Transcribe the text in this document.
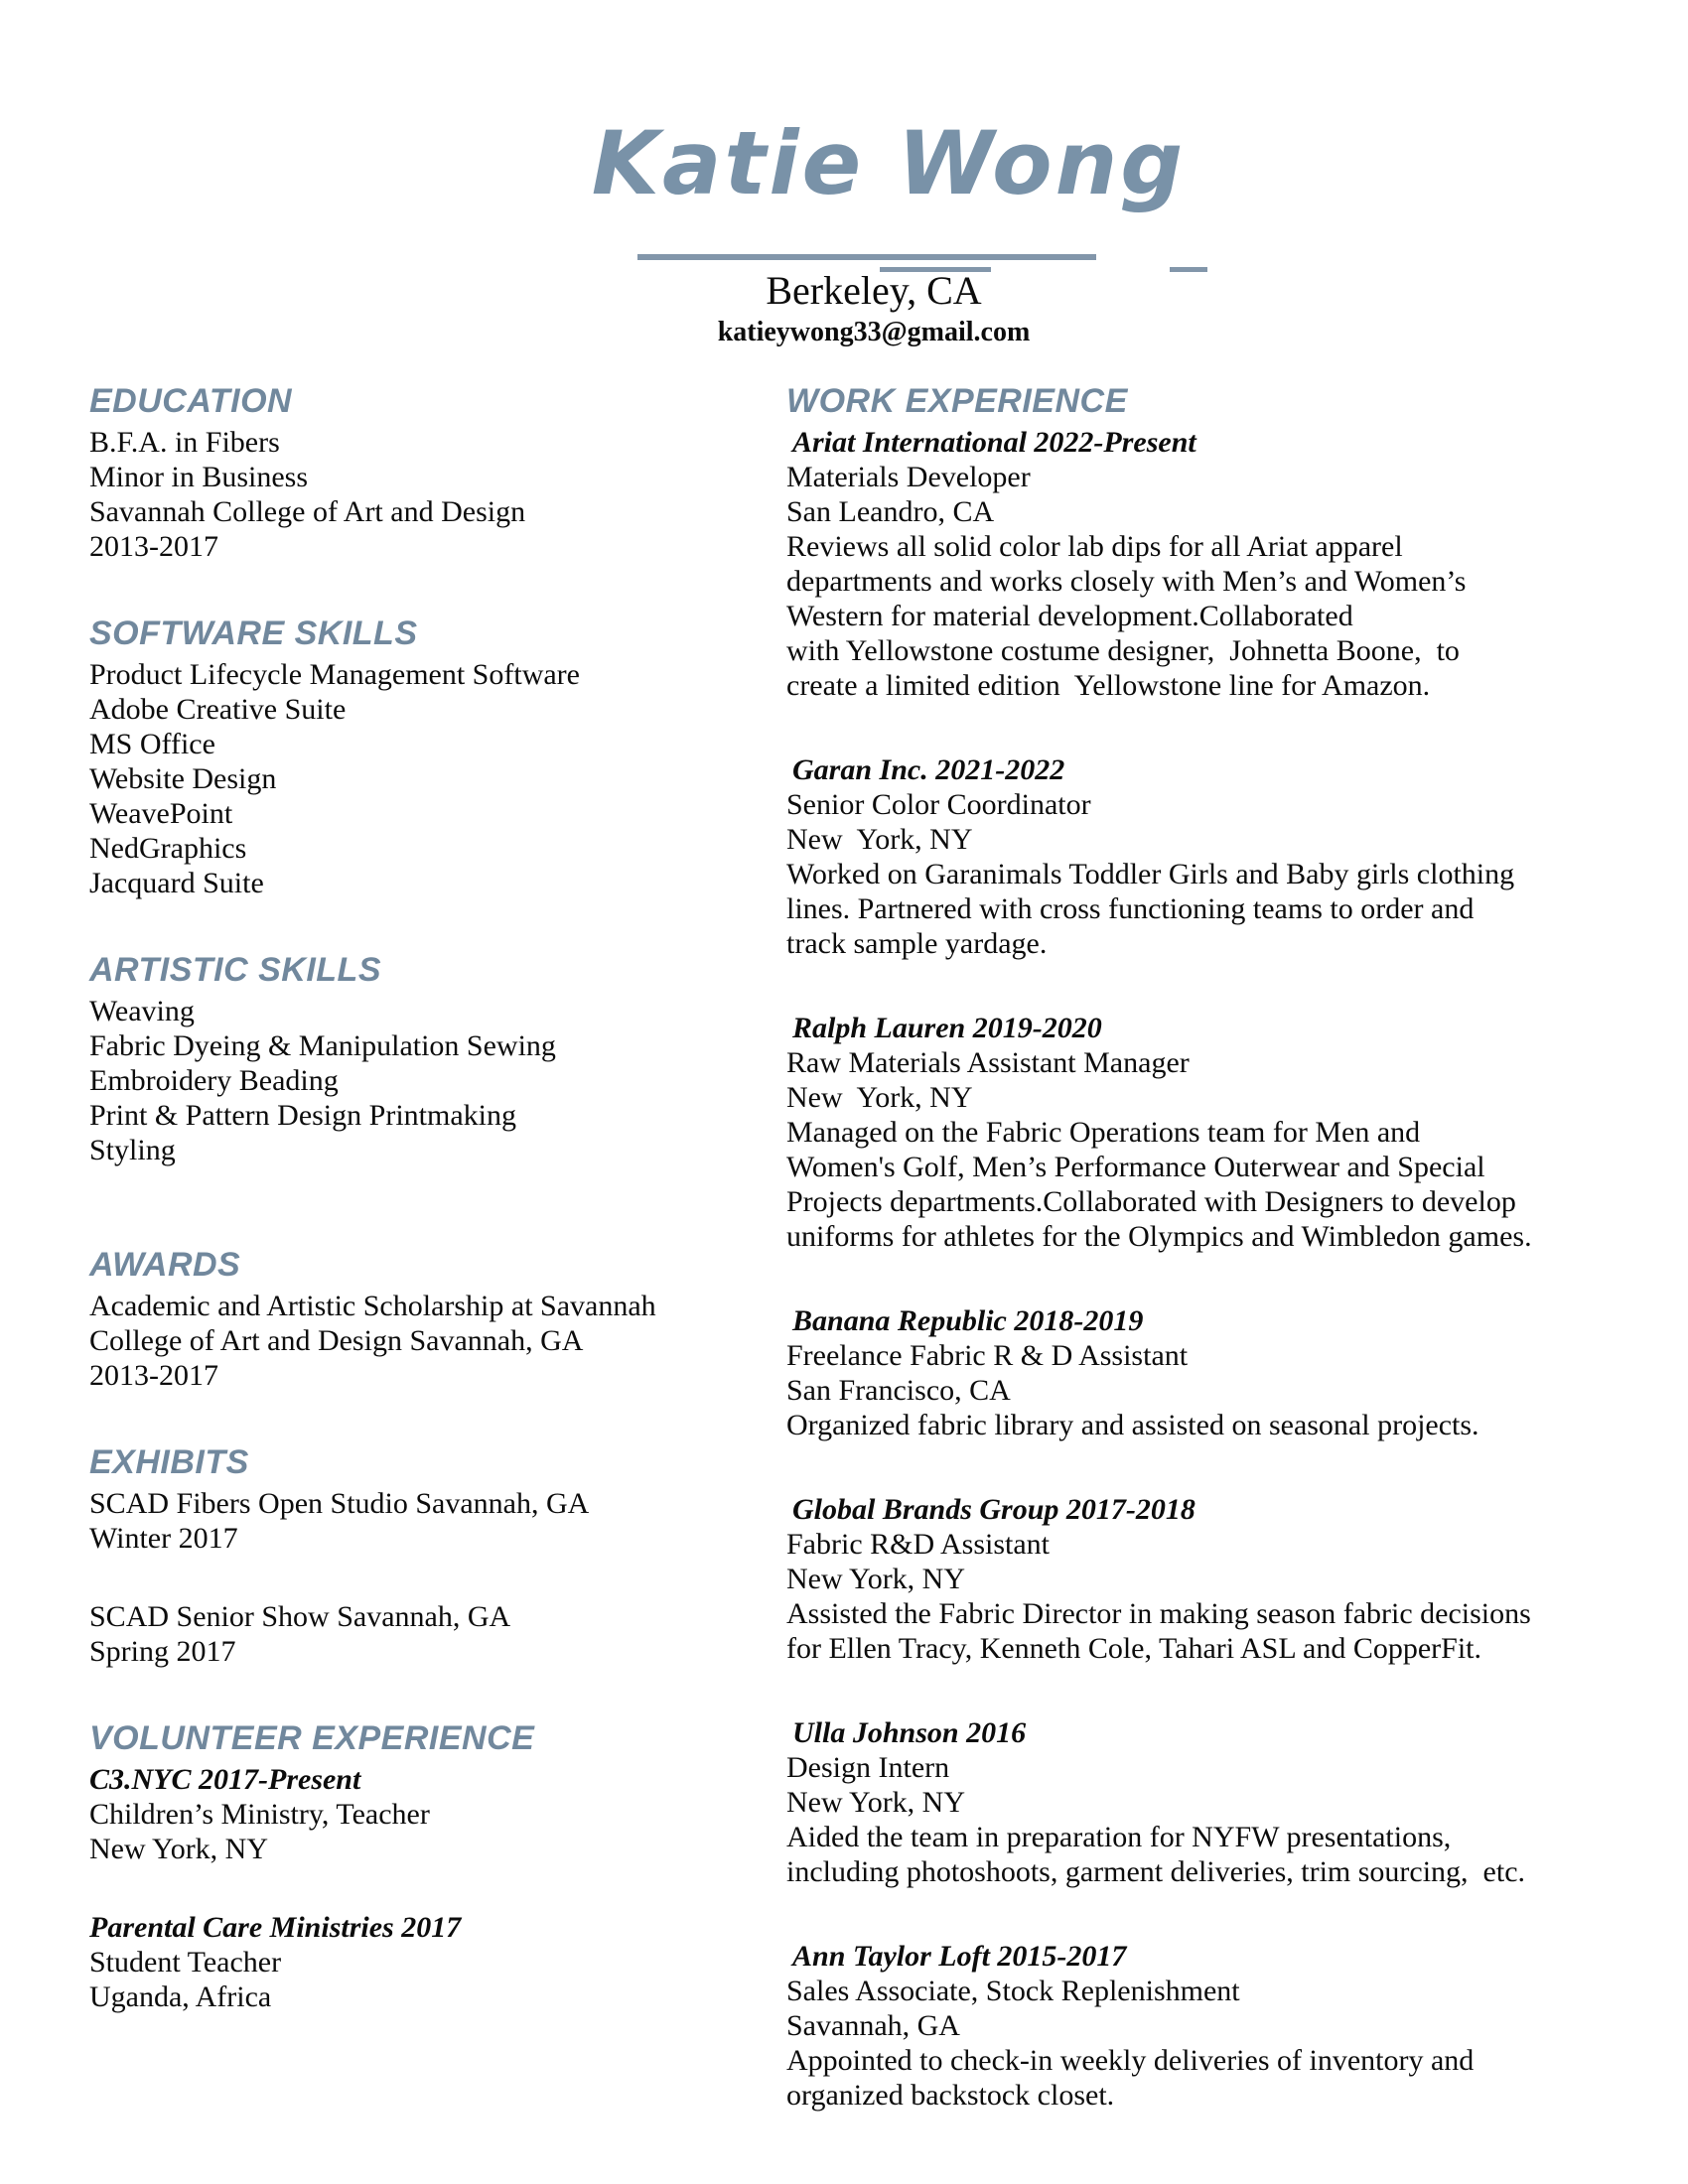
Katie Wong
Berkeley, CA
katieywong33@gmail.com
EDUCATION
B.F.A. in Fibers
Minor in Business
Savannah College of Art and Design
2013-2017
SOFTWARE SKILLS
Product Lifecycle Management Software
Adobe Creative Suite
MS Office
Website Design
WeavePoint
NedGraphics
Jacquard Suite
ARTISTIC SKILLS
Weaving
Fabric Dyeing & Manipulation Sewing
Embroidery Beading
Print & Pattern Design Printmaking
Styling
AWARDS
Academic and Artistic Scholarship at Savannah
College of Art and Design Savannah, GA
2013-2017
EXHIBITS
SCAD Fibers Open Studio Savannah, GA
Winter 2017
SCAD Senior Show Savannah, GA
Spring 2017
VOLUNTEER EXPERIENCE
C3.NYC 2017-Present
Children’s Ministry, Teacher
New York, NY
Parental Care Ministries 2017
Student Teacher
Uganda, Africa
WORK EXPERIENCE
Ariat International 2022-Present
Materials Developer
San Leandro, CA
Reviews all solid color lab dips for all Ariat apparel
departments and works closely with Men’s and Women’s
Western for material development.Collaborated
with Yellowstone costume designer,  Johnetta Boone,  to
create a limited edition  Yellowstone line for Amazon.
Garan Inc. 2021-2022
Senior Color Coordinator
New  York, NY
Worked on Garanimals Toddler Girls and Baby girls clothing
lines. Partnered with cross functioning teams to order and
track sample yardage.
Ralph Lauren 2019-2020
Raw Materials Assistant Manager
New  York, NY
Managed on the Fabric Operations team for Men and
Women's Golf, Men’s Performance Outerwear and Special
Projects departments.Collaborated with Designers to develop
uniforms for athletes for the Olympics and Wimbledon games.
Banana Republic 2018-2019
Freelance Fabric R & D Assistant
San Francisco, CA
Organized fabric library and assisted on seasonal projects.
Global Brands Group 2017-2018
Fabric R&D Assistant
New York, NY
Assisted the Fabric Director in making season fabric decisions
for Ellen Tracy, Kenneth Cole, Tahari ASL and CopperFit.
Ulla Johnson 2016
Design Intern
New York, NY
Aided the team in preparation for NYFW presentations,
including photoshoots, garment deliveries, trim sourcing,  etc.
Ann Taylor Loft 2015-2017
Sales Associate, Stock Replenishment
Savannah, GA
Appointed to check-in weekly deliveries of inventory and
organized backstock closet.
